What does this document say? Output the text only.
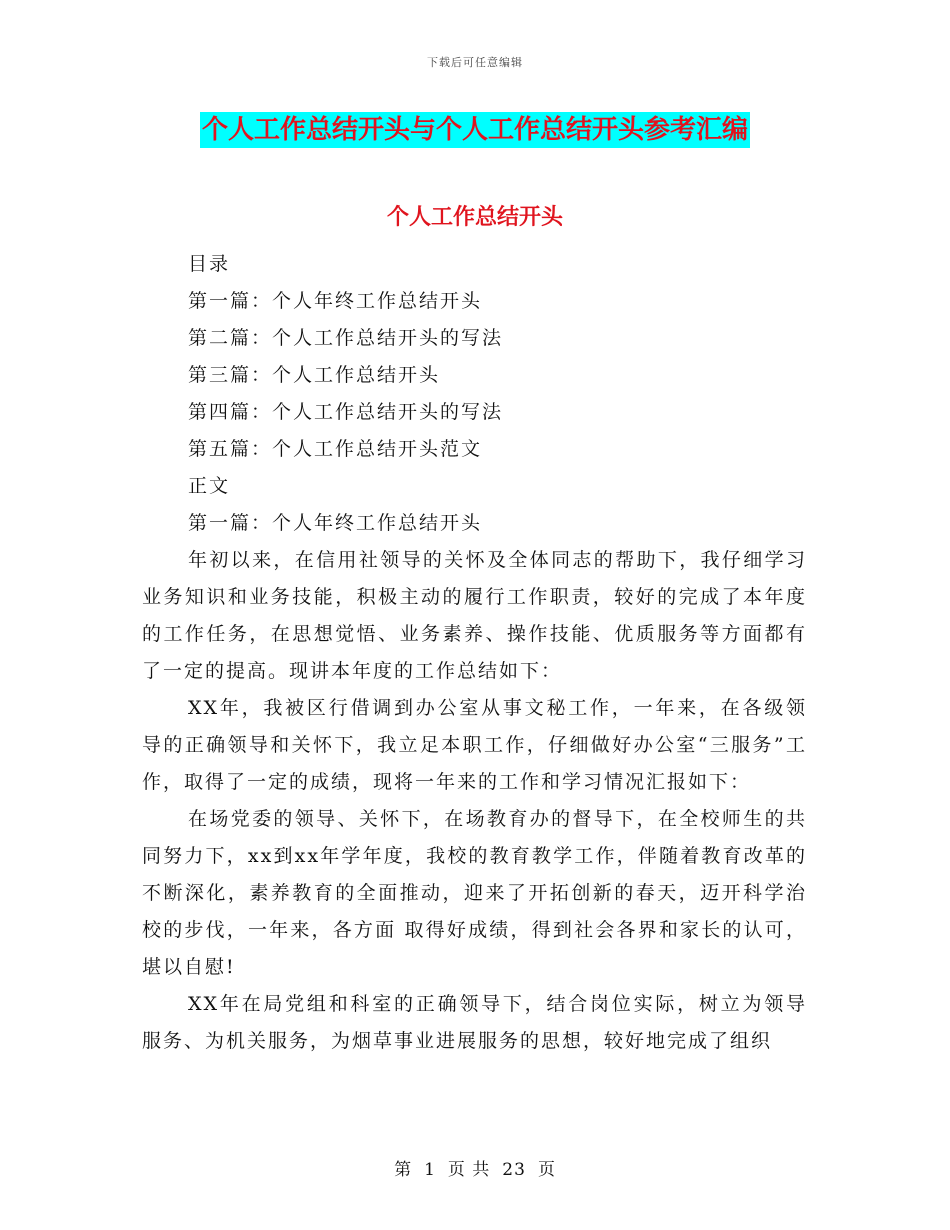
下载后可任意编辑
个人工作总结开头与个人工作总结开头参考汇编
个人工作总结开头
目录
第一篇：个人年终工作总结开头
第二篇：个人工作总结开头的写法
第三篇：个人工作总结开头
第四篇：个人工作总结开头的写法
第五篇：个人工作总结开头范文
正文
第一篇：个人年终工作总结开头

年初以来，在信用社领导的关怀及全体同志的帮助下，我仔细学习业务知识和业务技能，积极主动的履行工作职责，较好的完成了本年度的工作任务，在思想觉悟、业务素养、操作技能、优质服务等方面都有了一定的提高。现讲本年度的工作总结如下：

XX年，我被区行借调到办公室从事文秘工作，一年来，在各级领导的正确领导和关怀下，我立足本职工作，仔细做好办公室“三服务”工作，取得了一定的成绩，现将一年来的工作和学习情况汇报如下：

在场党委的领导、关怀下，在场教育办的督导下，在全校师生的共同努力下，xx到xx年学年度，我校的教育教学工作，伴随着教育改革的不断深化，素养教育的全面推动，迎来了开拓创新的春天，迈开科学治校的步伐，一年来，各方面 取得好成绩，得到社会各界和家长的认可，堪以自慰!

XX年在局党组和科室的正确领导下，结合岗位实际，树立为领导服务、为机关服务，为烟草事业进展服务的思想，较好地完成了组织

第 1 页 共 23 页
